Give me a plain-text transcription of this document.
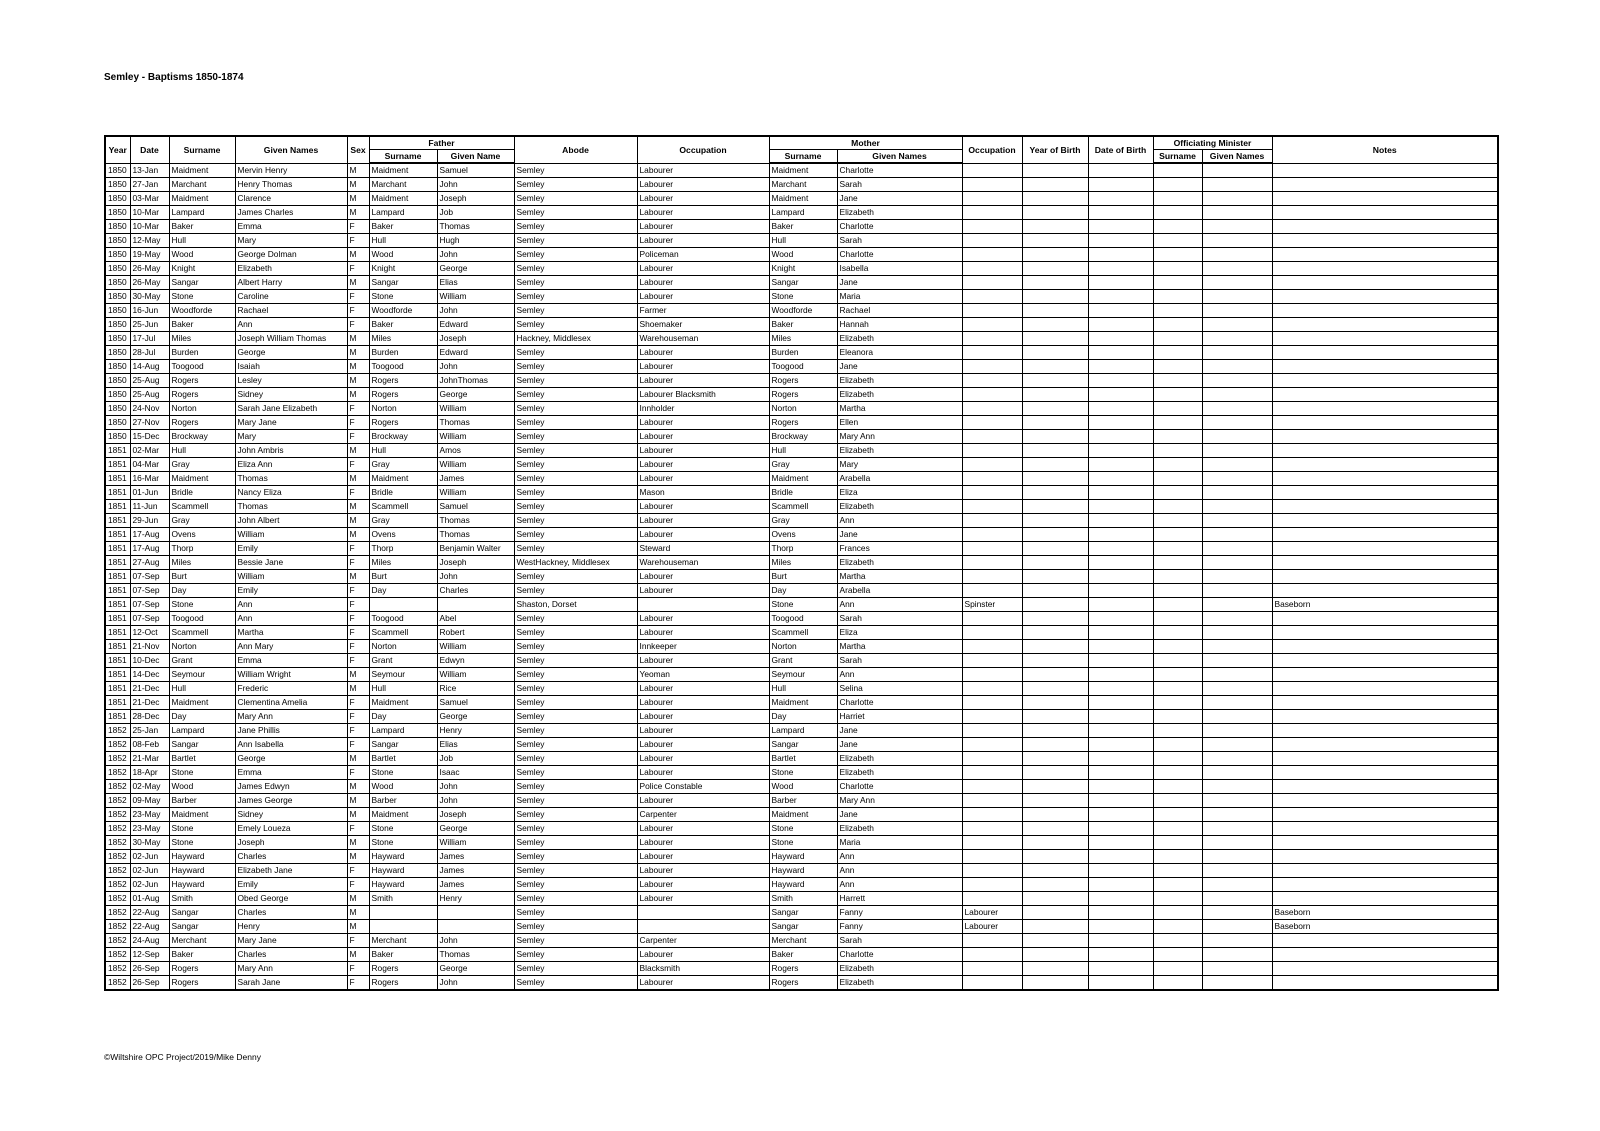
Semley - Baptisms 1850-1874
Year	Date	Surname	Given Names	Sex	Father		Abode	Occupation	Mother		Occupation	Year of Birth	Date of Birth	Officiating Minister		Notes
					Surname	Given Name			Surname	Given Names				Surname	Given Names	
1850	13-Jan	Maidment	Mervin Henry	M	Maidment	Samuel	Semley	Labourer	Maidment	Charlotte						
1850	27-Jan	Marchant	Henry Thomas	M	Marchant	John	Semley	Labourer	Marchant	Sarah						
1850	03-Mar	Maidment	Clarence	M	Maidment	Joseph	Semley	Labourer	Maidment	Jane						
1850	10-Mar	Lampard	James Charles	M	Lampard	Job	Semley	Labourer	Lampard	Elizabeth						
1850	10-Mar	Baker	Emma	F	Baker	Thomas	Semley	Labourer	Baker	Charlotte						
1850	12-May	Hull	Mary	F	Hull	Hugh	Semley	Labourer	Hull	Sarah						
1850	19-May	Wood	George Dolman	M	Wood	John	Semley	Policeman	Wood	Charlotte						
1850	26-May	Knight	Elizabeth	F	Knight	George	Semley	Labourer	Knight	Isabella						
1850	26-May	Sangar	Albert Harry	M	Sangar	Elias	Semley	Labourer	Sangar	Jane						
1850	30-May	Stone	Caroline	F	Stone	William	Semley	Labourer	Stone	Maria						
1850	16-Jun	Woodforde	Rachael	F	Woodforde	John	Semley	Farmer	Woodforde	Rachael						
1850	25-Jun	Baker	Ann	F	Baker	Edward	Semley	Shoemaker	Baker	Hannah						
1850	17-Jul	Miles	Joseph William Thomas	M	Miles	Joseph	Hackney, Middlesex	Warehouseman	Miles	Elizabeth						
1850	28-Jul	Burden	George	M	Burden	Edward	Semley	Labourer	Burden	Eleanora						
1850	14-Aug	Toogood	Isaiah	M	Toogood	John	Semley	Labourer	Toogood	Jane						
1850	25-Aug	Rogers	Lesley	M	Rogers	JohnThomas	Semley	Labourer	Rogers	Elizabeth						
1850	25-Aug	Rogers	Sidney	M	Rogers	George	Semley	Labourer Blacksmith	Rogers	Elizabeth						
1850	24-Nov	Norton	Sarah Jane Elizabeth	F	Norton	William	Semley	Innholder	Norton	Martha						
1850	27-Nov	Rogers	Mary Jane	F	Rogers	Thomas	Semley	Labourer	Rogers	Ellen						
1850	15-Dec	Brockway	Mary	F	Brockway	William	Semley	Labourer	Brockway	Mary Ann						
1851	02-Mar	Hull	John Ambris	M	Hull	Amos	Semley	Labourer	Hull	Elizabeth						
1851	04-Mar	Gray	Eliza Ann	F	Gray	William	Semley	Labourer	Gray	Mary						
1851	16-Mar	Maidment	Thomas	M	Maidment	James	Semley	Labourer	Maidment	Arabella						
1851	01-Jun	Bridle	Nancy Eliza	F	Bridle	William	Semley	Mason	Bridle	Eliza						
1851	11-Jun	Scammell	Thomas	M	Scammell	Samuel	Semley	Labourer	Scammell	Elizabeth						
1851	29-Jun	Gray	John Albert	M	Gray	Thomas	Semley	Labourer	Gray	Ann						
1851	17-Aug	Ovens	William	M	Ovens	Thomas	Semley	Labourer	Ovens	Jane						
1851	17-Aug	Thorp	Emily	F	Thorp	Benjamin Walter	Semley	Steward	Thorp	Frances						
1851	27-Aug	Miles	Bessie Jane	F	Miles	Joseph	WestHackney, Middlesex	Warehouseman	Miles	Elizabeth						
1851	07-Sep	Burt	William	M	Burt	John	Semley	Labourer	Burt	Martha						
1851	07-Sep	Day	Emily	F	Day	Charles	Semley	Labourer	Day	Arabella						
1851	07-Sep	Stone	Ann	F			Shaston, Dorset		Stone	Ann	Spinster					Baseborn
1851	07-Sep	Toogood	Ann	F	Toogood	Abel	Semley	Labourer	Toogood	Sarah						
1851	12-Oct	Scammell	Martha	F	Scammell	Robert	Semley	Labourer	Scammell	Eliza						
1851	21-Nov	Norton	Ann Mary	F	Norton	William	Semley	Innkeeper	Norton	Martha						
1851	10-Dec	Grant	Emma	F	Grant	Edwyn	Semley	Labourer	Grant	Sarah						
1851	14-Dec	Seymour	William Wright	M	Seymour	William	Semley	Yeoman	Seymour	Ann						
1851	21-Dec	Hull	Frederic	M	Hull	Rice	Semley	Labourer	Hull	Selina						
1851	21-Dec	Maidment	Clementina Amelia	F	Maidment	Samuel	Semley	Labourer	Maidment	Charlotte						
1851	28-Dec	Day	Mary Ann	F	Day	George	Semley	Labourer	Day	Harriet						
1852	25-Jan	Lampard	Jane Phillis	F	Lampard	Henry	Semley	Labourer	Lampard	Jane						
1852	08-Feb	Sangar	Ann Isabella	F	Sangar	Elias	Semley	Labourer	Sangar	Jane						
1852	21-Mar	Bartlet	George	M	Bartlet	Job	Semley	Labourer	Bartlet	Elizabeth						
1852	18-Apr	Stone	Emma	F	Stone	Isaac	Semley	Labourer	Stone	Elizabeth						
1852	02-May	Wood	James Edwyn	M	Wood	John	Semley	Police Constable	Wood	Charlotte						
1852	09-May	Barber	James George	M	Barber	John	Semley	Labourer	Barber	Mary Ann						
1852	23-May	Maidment	Sidney	M	Maidment	Joseph	Semley	Carpenter	Maidment	Jane						
1852	23-May	Stone	Emely Loueza	F	Stone	George	Semley	Labourer	Stone	Elizabeth						
1852	30-May	Stone	Joseph	M	Stone	William	Semley	Labourer	Stone	Maria						
1852	02-Jun	Hayward	Charles	M	Hayward	James	Semley	Labourer	Hayward	Ann						
1852	02-Jun	Hayward	Elizabeth Jane	F	Hayward	James	Semley	Labourer	Hayward	Ann						
1852	02-Jun	Hayward	Emily	F	Hayward	James	Semley	Labourer	Hayward	Ann						
1852	01-Aug	Smith	Obed George	M	Smith	Henry	Semley	Labourer	Smith	Harrett						
1852	22-Aug	Sangar	Charles	M			Semley		Sangar	Fanny	Labourer					Baseborn
1852	22-Aug	Sangar	Henry	M			Semley		Sangar	Fanny	Labourer					Baseborn
1852	24-Aug	Merchant	Mary Jane	F	Merchant	John	Semley	Carpenter	Merchant	Sarah						
1852	12-Sep	Baker	Charles	M	Baker	Thomas	Semley	Labourer	Baker	Charlotte						
1852	26-Sep	Rogers	Mary Ann	F	Rogers	George	Semley	Blacksmith	Rogers	Elizabeth						
1852	26-Sep	Rogers	Sarah Jane	F	Rogers	John	Semley	Labourer	Rogers	Elizabeth						
©Wiltshire OPC Project/2019/Mike Denny
